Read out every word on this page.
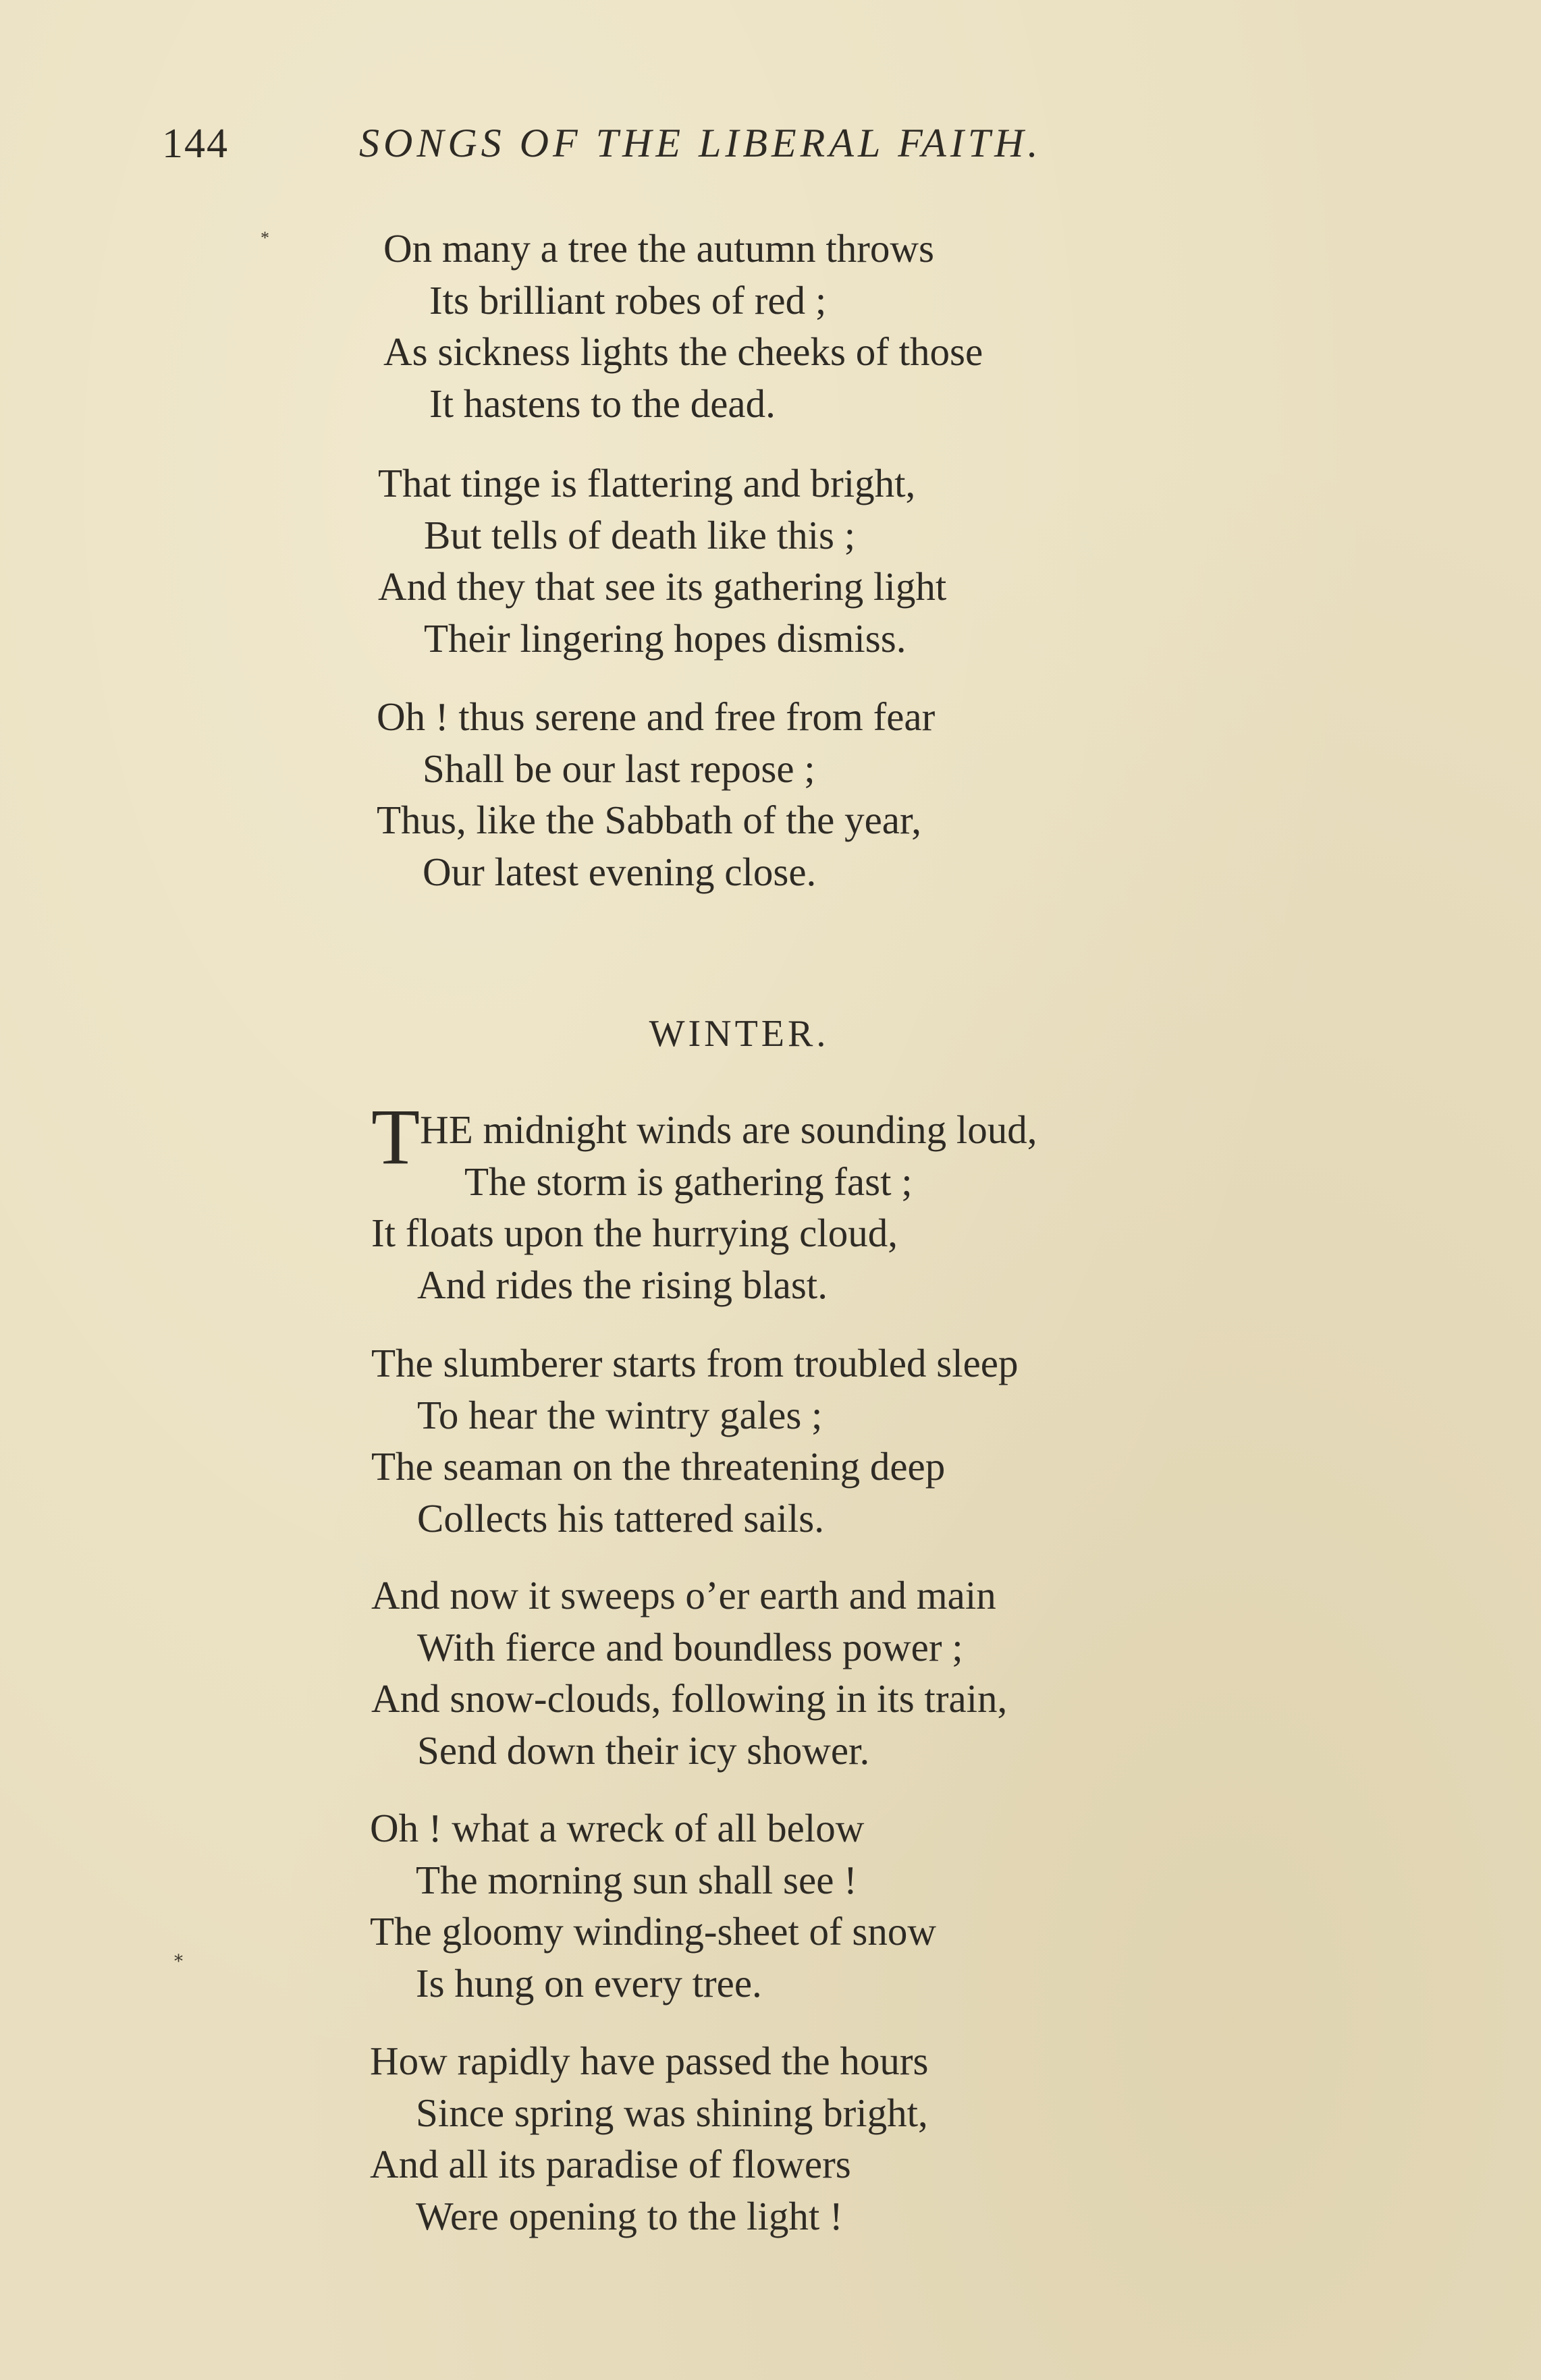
144	SONGS OF THE LIBERAL FAITH.
*
⁎
On many a tree the autumn throws
Its brilliant robes of red ;
As sickness lights the cheeks of those
It hastens to the dead.
That tinge is flattering and bright,
But tells of death like this ;
And they that see its gathering light
Their lingering hopes dismiss.
Oh ! thus serene and free from fear
Shall be our last repose ;
Thus, like the Sabbath of the year,
Our latest evening close.
WINTER.
THE midnight winds are sounding loud,
The storm is gathering fast ;
It floats upon the hurrying cloud,
And rides the rising blast.
The slumberer starts from troubled sleep
To hear the wintry gales ;
The seaman on the threatening deep
Collects his tattered sails.
And now it sweeps o’er earth and main
With fierce and boundless power ;
And snow-clouds, following in its train,
Send down their icy shower.
Oh ! what a wreck of all below
The morning sun shall see !
The gloomy winding-sheet of snow
Is hung on every tree.
How rapidly have passed the hours
Since spring was shining bright,
And all its paradise of flowers
Were opening to the light !
